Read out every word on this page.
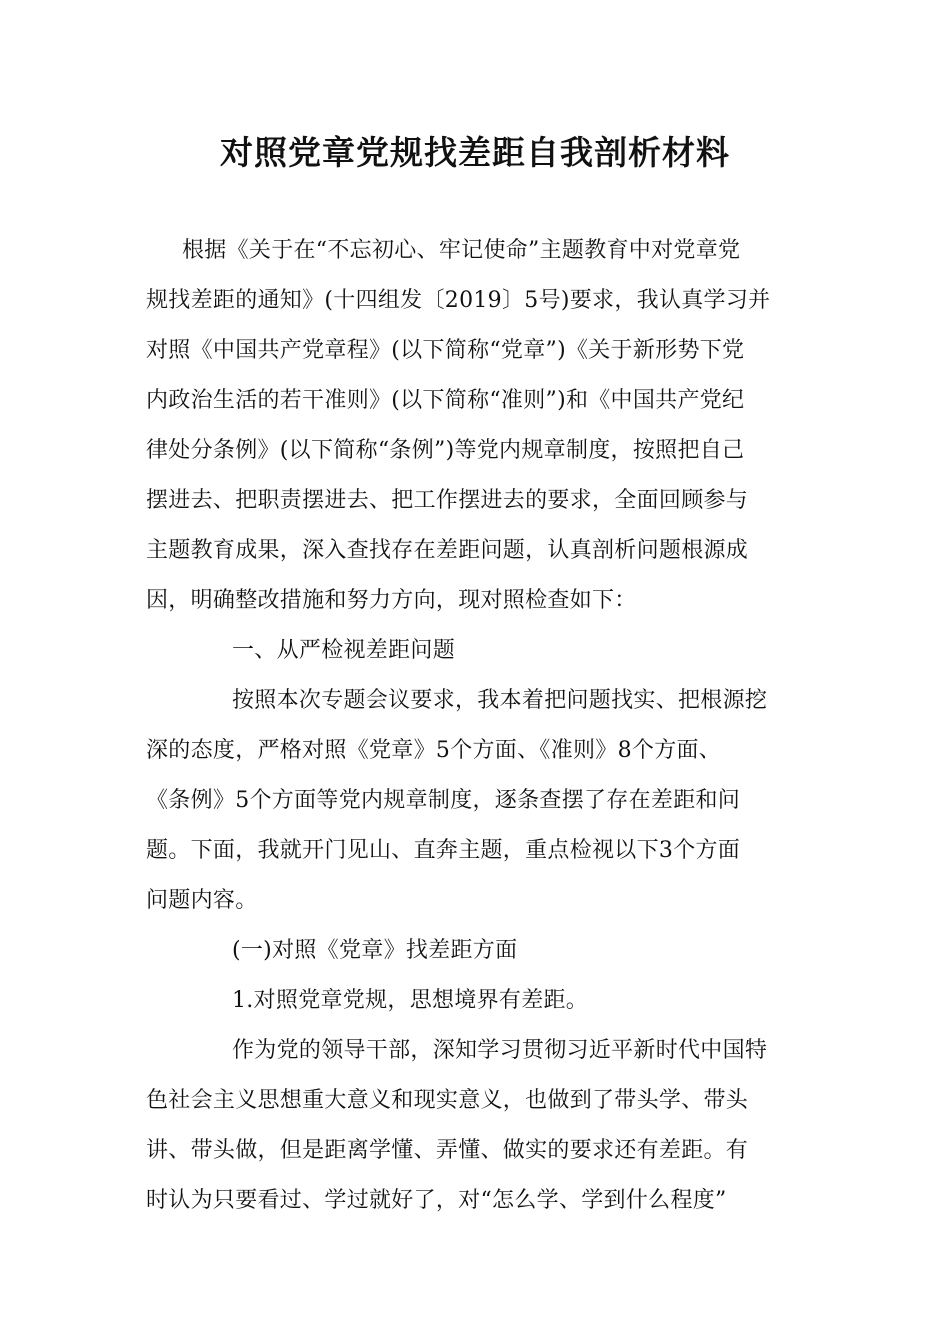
对照党章党规找差距自我剖析材料
根据《关于在“不忘初心、牢记使命”主题教育中对党章党
规找差距的通知》(十四组发〔2019〕5号)要求，我认真学习并
对照《中国共产党章程》(以下简称“党章”)《关于新形势下党
内政治生活的若干准则》(以下简称“准则”)和《中国共产党纪
律处分条例》(以下简称“条例”)等党内规章制度，按照把自己
摆进去、把职责摆进去、把工作摆进去的要求，全面回顾参与
主题教育成果，深入查找存在差距问题，认真剖析问题根源成
因，明确整改措施和努力方向，现对照检查如下：
一、从严检视差距问题
按照本次专题会议要求，我本着把问题找实、把根源挖
深的态度，严格对照《党章》5个方面、《准则》8个方面、
《条例》5个方面等党内规章制度，逐条查摆了存在差距和问
题。下面，我就开门见山、直奔主题，重点检视以下3个方面
问题内容。
(一)对照《党章》找差距方面
1.对照党章党规，思想境界有差距。
作为党的领导干部，深知学习贯彻习近平新时代中国特
色社会主义思想重大意义和现实意义，也做到了带头学、带头
讲、带头做，但是距离学懂、弄懂、做实的要求还有差距。有
时认为只要看过、学过就好了，对“怎么学、学到什么程度”
